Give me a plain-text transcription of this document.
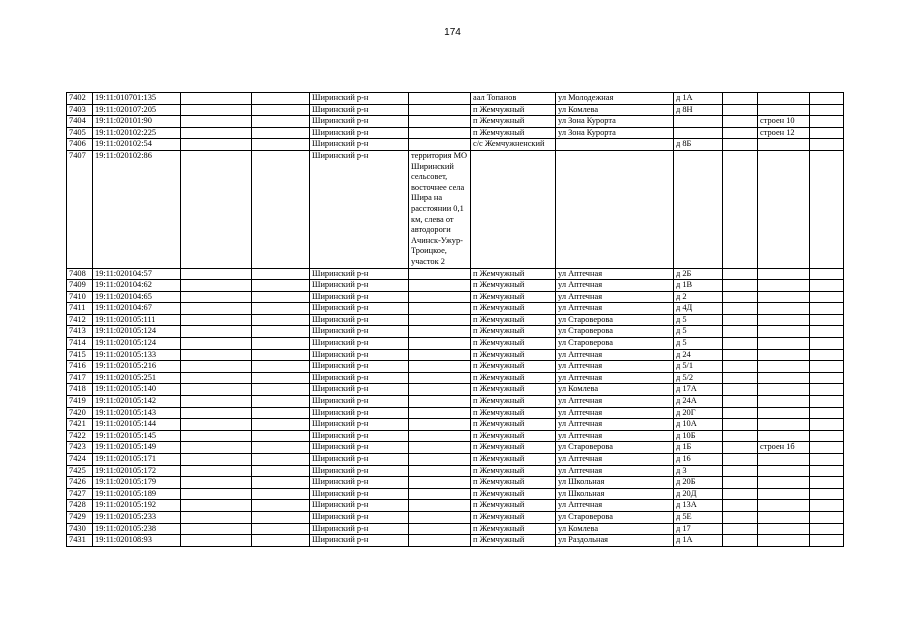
174
7402	19:11:010701:135			Ширинский р-н		аал Топанов	ул Молодежная	д 1А			
7403	19:11:020107:205			Ширинский р-н		п Жемчужный	ул Комлева	д 8Н			
7404	19:11:020101:90			Ширинский р-н		п Жемчужный	ул Зона Курорта			строен 10	
7405	19:11:020102:225			Ширинский р-н		п Жемчужный	ул Зона Курорта			строен 12	
7406	19:11:020102:54			Ширинский р-н		с/с Жемчужненский		д 8Б			
7407	19:11:020102:86			Ширинский р-н	территория МО Ширинский сельсовет, восточнее села Шира на расстоянии 0,1 км, слева от автодороги Ачинск-Ужур-Троицкое, участок 2						
7408	19:11:020104:57			Ширинский р-н		п Жемчужный	ул Аптечная	д 2Б			
7409	19:11:020104:62			Ширинский р-н		п Жемчужный	ул Аптечная	д 1В			
7410	19:11:020104:65			Ширинский р-н		п Жемчужный	ул Аптечная	д 2			
7411	19:11:020104:67			Ширинский р-н		п Жемчужный	ул Аптечная	д 4Д			
7412	19:11:020105:111			Ширинский р-н		п Жемчужный	ул Староверова	д 5			
7413	19:11:020105:124			Ширинский р-н		п Жемчужный	ул Староверова	д 5			
7414	19:11:020105:124			Ширинский р-н		п Жемчужный	ул Староверова	д 5			
7415	19:11:020105:133			Ширинский р-н		п Жемчужный	ул Аптечная	д 24			
7416	19:11:020105:216			Ширинский р-н		п Жемчужный	ул Аптечная	д 5/1			
7417	19:11:020105:251			Ширинский р-н		п Жемчужный	ул Аптечная	д 5/2			
7418	19:11:020105:140			Ширинский р-н		п Жемчужный	ул Комлева	д 17А			
7419	19:11:020105:142			Ширинский р-н		п Жемчужный	ул Аптечная	д 24А			
7420	19:11:020105:143			Ширинский р-н		п Жемчужный	ул Аптечная	д 20Г			
7421	19:11:020105:144			Ширинский р-н		п Жемчужный	ул Аптечная	д 10А			
7422	19:11:020105:145			Ширинский р-н		п Жемчужный	ул Аптечная	д 10Б			
7423	19:11:020105:149			Ширинский р-н		п Жемчужный	ул Староверова	д 1Б		строен 1б	
7424	19:11:020105:171			Ширинский р-н		п Жемчужный	ул Аптечная	д 16			
7425	19:11:020105:172			Ширинский р-н		п Жемчужный	ул Аптечная	д 3			
7426	19:11:020105:179			Ширинский р-н		п Жемчужный	ул Школьная	д 20Б			
7427	19:11:020105:189			Ширинский р-н		п Жемчужный	ул Школьная	д 20Д			
7428	19:11:020105:192			Ширинский р-н		п Жемчужный	ул Аптечная	д 13А			
7429	19:11:020105:233			Ширинский р-н		п Жемчужный	ул Староверова	д 5Е			
7430	19:11:020105:238			Ширинский р-н		п Жемчужный	ул Комлева	д 17			
7431	19:11:020108:93			Ширинский р-н		п Жемчужный	ул Раздольная	д 1А			
